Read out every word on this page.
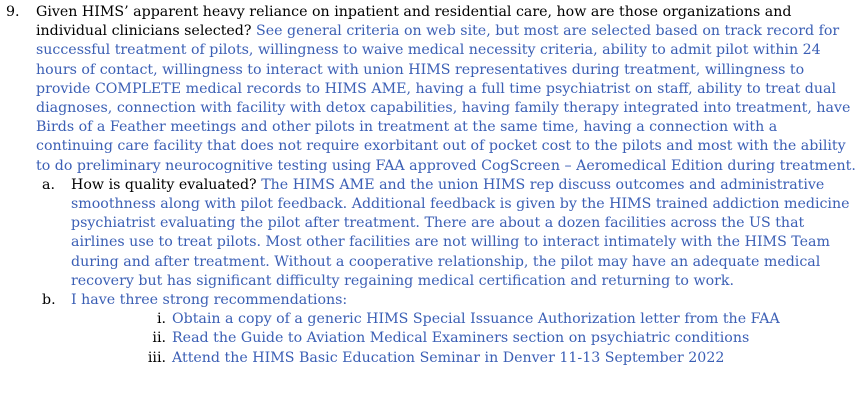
9.	Given HIMS’ apparent heavy reliance on inpatient and residential care, how are those organizations and individual clinicians selected? See general criteria on web site, but most are selected based on track record for successful treatment of pilots, willingness to waive medical necessity criteria, ability to admit pilot within 24 hours of contact, willingness to interact with union HIMS representatives during treatment, willingness to provide COMPLETE medical records to HIMS AME, having a full time psychiatrist on staff, ability to treat dual diagnoses, connection with facility with detox capabilities, having family therapy integrated into treatment, have Birds of a Feather meetings and other pilots in treatment at the same time, having a connection with a continuing care facility that does not require exorbitant out of pocket cost to the pilots and most with the ability to do preliminary neurocognitive testing using FAA approved CogScreen – Aeromedical Edition during treatment.
a. How is quality evaluated? The HIMS AME and the union HIMS rep discuss outcomes and administrative smoothness along with pilot feedback. Additional feedback is given by the HIMS trained addiction medicine psychiatrist evaluating the pilot after treatment. There are about a dozen facilities across the US that airlines use to treat pilots. Most other facilities are not willing to interact intimately with the HIMS Team during and after treatment. Without a cooperative relationship, the pilot may have an adequate medical recovery but has significant difficulty regaining medical certification and returning to work.
b. I have three strong recommendations:
i. Obtain a copy of a generic HIMS Special Issuance Authorization letter from the FAA
ii. Read the Guide to Aviation Medical Examiners section on psychiatric conditions
iii. Attend the HIMS Basic Education Seminar in Denver 11-13 September 2022
